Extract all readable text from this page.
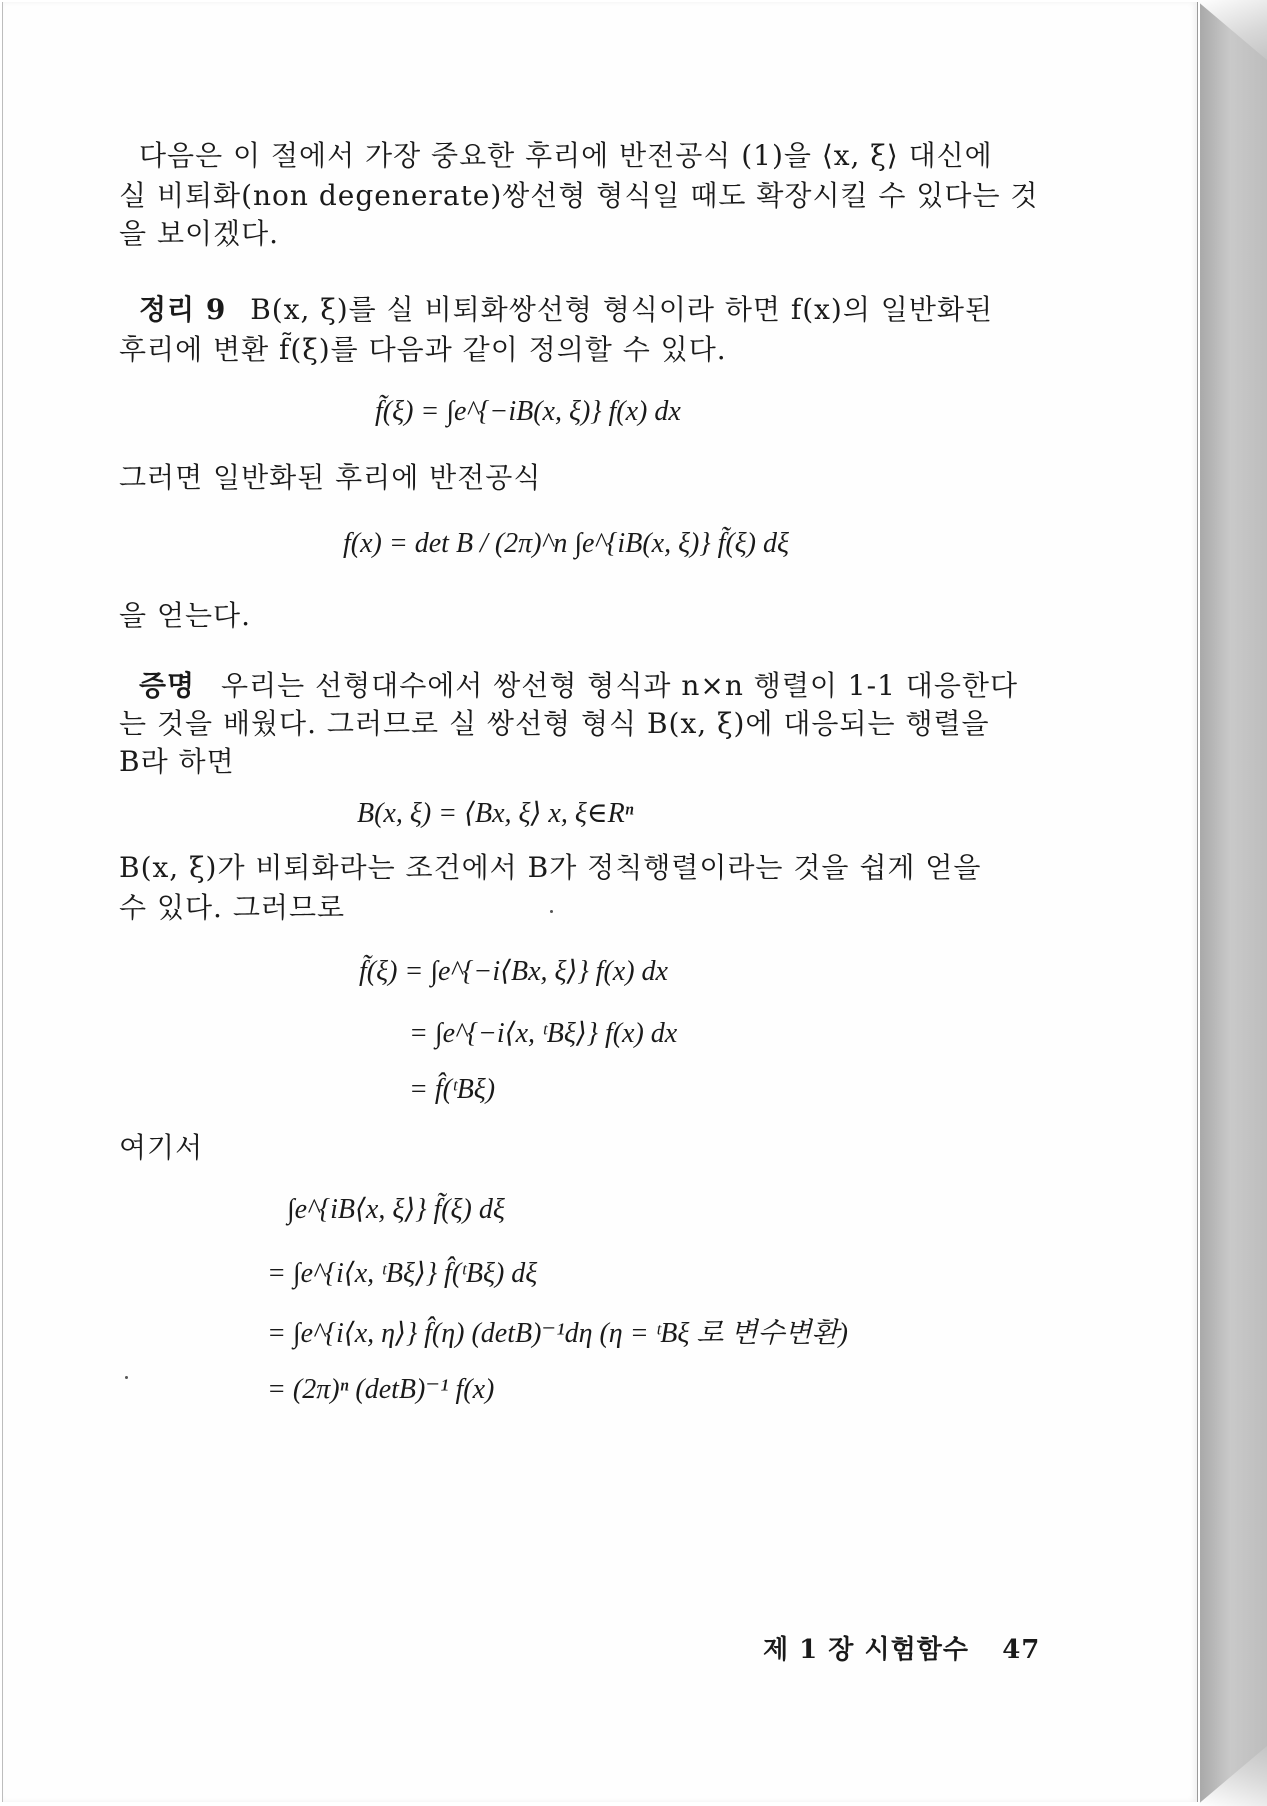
다음은 이 절에서 가장 중요한 후리에 반전공식 (1)을 ⟨x, ξ⟩ 대신에
실 비퇴화(non degenerate)쌍선형 형식일 때도 확장시킬 수 있다는 것
을 보이겠다.
정리 9 B(x, ξ)를 실 비퇴화쌍선형 형식이라 하면 f(x)의 일반화된
후리에 변환 f̃(ξ)를 다음과 같이 정의할 수 있다.
f̃(ξ) = ∫e^{−iB(x, ξ)} f(x) dx
그러면 일반화된 후리에 반전공식
f(x) = det B / (2π)^n ∫e^{iB(x, ξ)} f̃(ξ) dξ
을 얻는다.
증명 우리는 선형대수에서 쌍선형 형식과 n×n 행렬이 1-1 대응한다
는 것을 배웠다. 그러므로 실 쌍선형 형식 B(x, ξ)에 대응되는 행렬을
B라 하면
B(x, ξ) = ⟨Bx, ξ⟩ x, ξ∈Rⁿ
B(x, ξ)가 비퇴화라는 조건에서 B가 정칙행렬이라는 것을 쉽게 얻을
수 있다. 그러므로
f̃(ξ) = ∫e^{−i⟨Bx, ξ⟩} f(x) dx
= ∫e^{−i⟨x, ᵗBξ⟩} f(x) dx
= f̂(ᵗBξ)
여기서
∫e^{iB⟨x, ξ⟩} f̃(ξ) dξ
= ∫e^{i⟨x, ᵗBξ⟩} f̂(ᵗBξ) dξ
= ∫e^{i⟨x, η⟩} f̂(η) (detB)⁻¹dη (η = ᵗBξ 로 변수변환)
= (2π)ⁿ (detB)⁻¹ f(x)
제 1 장 시험함수 47
